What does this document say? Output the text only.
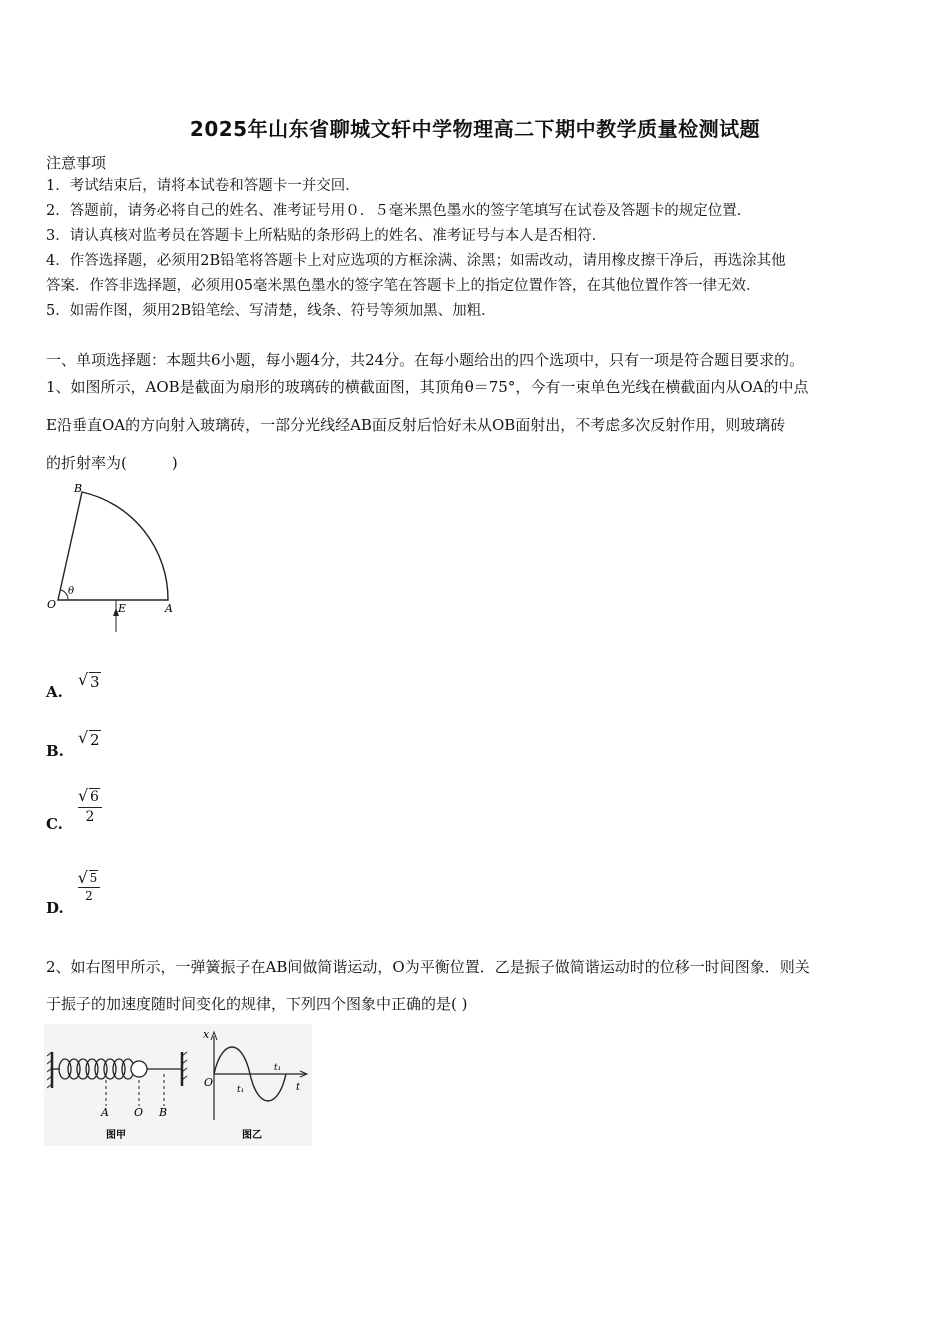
2025年山东省聊城文轩中学物理高二下期中教学质量检测试题
注意事项
1．考试结束后，请将本试卷和答题卡一并交回．
2．答题前，请务必将自己的姓名、准考证号用０．５毫米黑色墨水的签字笔填写在试卷及答题卡的规定位置．
3．请认真核对监考员在答题卡上所粘贴的条形码上的姓名、准考证号与本人是否相符．
4．作答选择题，必须用2B铅笔将答题卡上对应选项的方框涂满、涂黑；如需改动，请用橡皮擦干净后，再选涂其他
答案．作答非选择题，必须用05毫米黑色墨水的签字笔在答题卡上的指定位置作答，在其他位置作答一律无效．
5．如需作图，须用2B铅笔绘、写清楚，线条、符号等须加黑、加粗．
一、单项选择题：本题共6小题，每小题4分，共24分。在每小题给出的四个选项中，只有一项是符合题目要求的。
1、如图所示，AOB是截面为扇形的玻璃砖的横截面图，其顶角θ＝75°，今有一束单色光线在横截面内从OA的中点
E沿垂直OA的方向射入玻璃砖，一部分光线经AB面反射后恰好未从OB面射出，不考虑多次反射作用，则玻璃砖
的折射率为(　　　)
B
O	E	A
θ
A.
√ 3
B.
√ 2
C.
√ 6
2
D.
√ 5
2
2、如右图甲所示，一弹簧振子在AB间做简谐运动，O为平衡位置．乙是振子做简谐运动时的位移一时间图象．则关
于振子的加速度随时间变化的规律，下列四个图象中正确的是( )
A O B
图甲
x
O
t₁
t₁
t
图乙
